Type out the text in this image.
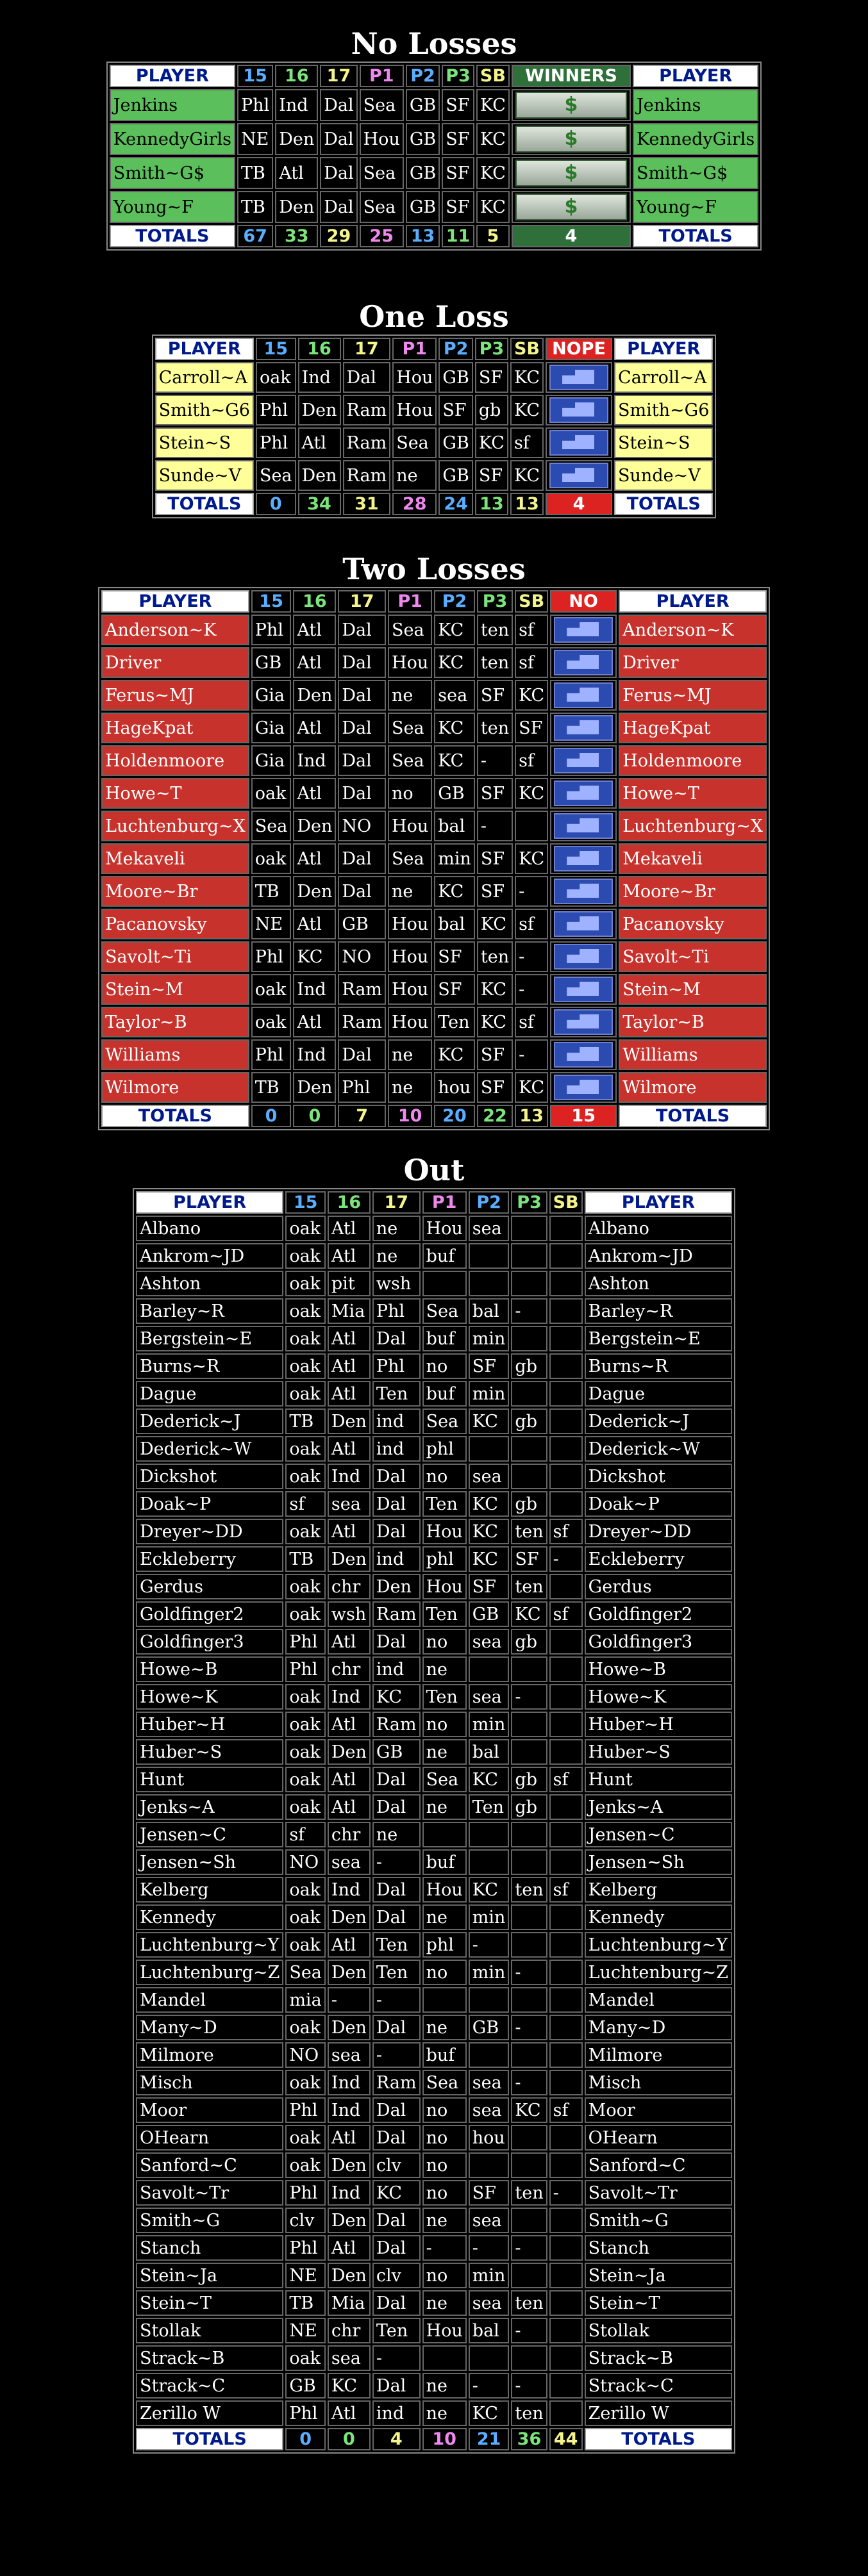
No Losses
PLAYER	15	16	17	P1	P2	P3	SB	WINNERS	PLAYER
Jenkins	Phl	Ind	Dal	Sea	GB	SF	KC	$	Jenkins
KennedyGirls	NE	Den	Dal	Hou	GB	SF	KC	$	KennedyGirls
Smith~G$	TB	Atl	Dal	Sea	GB	SF	KC	$	Smith~G$
Young~F	TB	Den	Dal	Sea	GB	SF	KC	$	Young~F
TOTALS	67	33	29	25	13	11	5	4	TOTALS
One Loss
PLAYER	15	16	17	P1	P2	P3	SB	NOPE	PLAYER
Carroll~A	oak	Ind	Dal	Hou	GB	SF	KC		Carroll~A
Smith~G6	Phl	Den	Ram	Hou	SF	gb	KC		Smith~G6
Stein~S	Phl	Atl	Ram	Sea	GB	KC	sf		Stein~S
Sunde~V	Sea	Den	Ram	ne	GB	SF	KC		Sunde~V
TOTALS	0	34	31	28	24	13	13	4	TOTALS
Two Losses
PLAYER	15	16	17	P1	P2	P3	SB	NO	PLAYER
Anderson~K	Phl	Atl	Dal	Sea	KC	ten	sf		Anderson~K
Driver	GB	Atl	Dal	Hou	KC	ten	sf		Driver
Ferus~MJ	Gia	Den	Dal	ne	sea	SF	KC		Ferus~MJ
HageKpat	Gia	Atl	Dal	Sea	KC	ten	SF		HageKpat
Holdenmoore	Gia	Ind	Dal	Sea	KC	-	sf		Holdenmoore
Howe~T	oak	Atl	Dal	no	GB	SF	KC		Howe~T
Luchtenburg~X	Sea	Den	NO	Hou	bal	-			Luchtenburg~X
Mekaveli	oak	Atl	Dal	Sea	min	SF	KC		Mekaveli
Moore~Br	TB	Den	Dal	ne	KC	SF	-		Moore~Br
Pacanovsky	NE	Atl	GB	Hou	bal	KC	sf		Pacanovsky
Savolt~Ti	Phl	KC	NO	Hou	SF	ten	-		Savolt~Ti
Stein~M	oak	Ind	Ram	Hou	SF	KC	-		Stein~M
Taylor~B	oak	Atl	Ram	Hou	Ten	KC	sf		Taylor~B
Williams	Phl	Ind	Dal	ne	KC	SF	-		Williams
Wilmore	TB	Den	Phl	ne	hou	SF	KC		Wilmore
TOTALS	0	0	7	10	20	22	13	15	TOTALS
Out
PLAYER	15	16	17	P1	P2	P3	SB	PLAYER
Albano	oak	Atl	ne	Hou	sea			Albano
Ankrom~JD	oak	Atl	ne	buf				Ankrom~JD
Ashton	oak	pit	wsh					Ashton
Barley~R	oak	Mia	Phl	Sea	bal	-		Barley~R
Bergstein~E	oak	Atl	Dal	buf	min			Bergstein~E
Burns~R	oak	Atl	Phl	no	SF	gb		Burns~R
Dague	oak	Atl	Ten	buf	min			Dague
Dederick~J	TB	Den	ind	Sea	KC	gb		Dederick~J
Dederick~W	oak	Atl	ind	phl				Dederick~W
Dickshot	oak	Ind	Dal	no	sea			Dickshot
Doak~P	sf	sea	Dal	Ten	KC	gb		Doak~P
Dreyer~DD	oak	Atl	Dal	Hou	KC	ten	sf	Dreyer~DD
Eckleberry	TB	Den	ind	phl	KC	SF	-	Eckleberry
Gerdus	oak	chr	Den	Hou	SF	ten		Gerdus
Goldfinger2	oak	wsh	Ram	Ten	GB	KC	sf	Goldfinger2
Goldfinger3	Phl	Atl	Dal	no	sea	gb		Goldfinger3
Howe~B	Phl	chr	ind	ne				Howe~B
Howe~K	oak	Ind	KC	Ten	sea	-		Howe~K
Huber~H	oak	Atl	Ram	no	min			Huber~H
Huber~S	oak	Den	GB	ne	bal			Huber~S
Hunt	oak	Atl	Dal	Sea	KC	gb	sf	Hunt
Jenks~A	oak	Atl	Dal	ne	Ten	gb		Jenks~A
Jensen~C	sf	chr	ne					Jensen~C
Jensen~Sh	NO	sea	-	buf				Jensen~Sh
Kelberg	oak	Ind	Dal	Hou	KC	ten	sf	Kelberg
Kennedy	oak	Den	Dal	ne	min			Kennedy
Luchtenburg~Y	oak	Atl	Ten	phl	-			Luchtenburg~Y
Luchtenburg~Z	Sea	Den	Ten	no	min	-		Luchtenburg~Z
Mandel	mia	-	-					Mandel
Many~D	oak	Den	Dal	ne	GB	-		Many~D
Milmore	NO	sea	-	buf				Milmore
Misch	oak	Ind	Ram	Sea	sea	-		Misch
Moor	Phl	Ind	Dal	no	sea	KC	sf	Moor
OHearn	oak	Atl	Dal	no	hou			OHearn
Sanford~C	oak	Den	clv	no				Sanford~C
Savolt~Tr	Phl	Ind	KC	no	SF	ten	-	Savolt~Tr
Smith~G	clv	Den	Dal	ne	sea			Smith~G
Stanch	Phl	Atl	Dal	-	-	-		Stanch
Stein~Ja	NE	Den	clv	no	min			Stein~Ja
Stein~T	TB	Mia	Dal	ne	sea	ten		Stein~T
Stollak	NE	chr	Ten	Hou	bal	-		Stollak
Strack~B	oak	sea	-					Strack~B
Strack~C	GB	KC	Dal	ne	-	-		Strack~C
Zerillo W	Phl	Atl	ind	ne	KC	ten		Zerillo W
TOTALS	0	0	4	10	21	36	44	TOTALS
